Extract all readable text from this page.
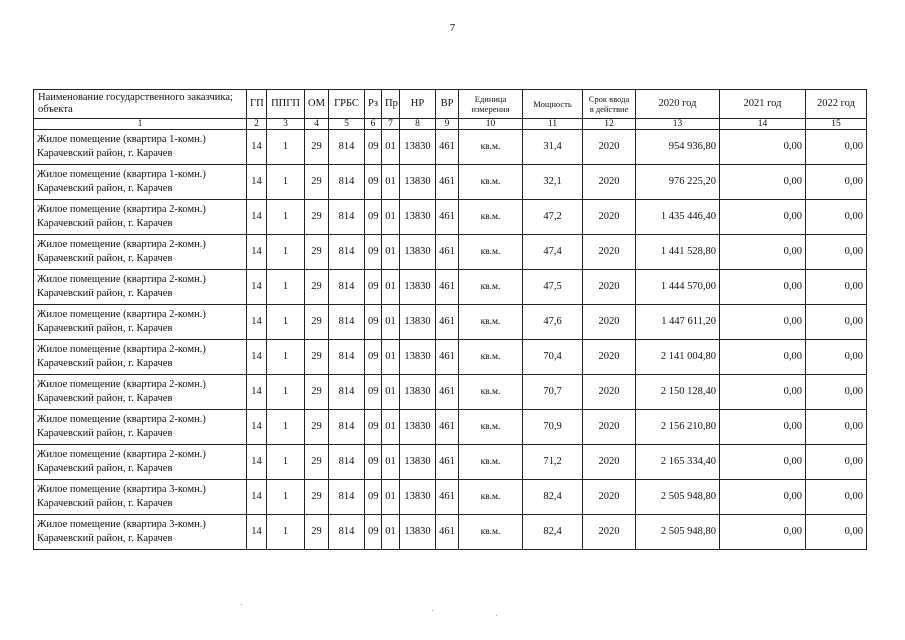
7
Наименование государственного заказчика; объекта	ГП	ППГП	ОМ	ГРБС	Рз	Пр	НР	ВР	Единица измерения	Мощность	Срок ввода в действие	2020 год	2021 год	2022 год
1	2	3	4	5	6	7	8	9	10	11	12	13	14	15

Жилое помещение (квартира 1-комн.)
Карачевский район, г. Карачев	14	1	29	814	09	01	13830	461	кв.м.	31,4	2020	954 936,80	0,00	0,00

Жилое помещение (квартира 1-комн.)
Карачевский район, г. Карачев	14	1	29	814	09	01	13830	461	кв.м.	32,1	2020	976 225,20	0,00	0,00

Жилое помещение (квартира 2-комн.)
Карачевский район, г. Карачев	14	1	29	814	09	01	13830	461	кв.м.	47,2	2020	1 435 446,40	0,00	0,00

Жилое помещение (квартира 2-комн.)
Карачевский район, г. Карачев	14	1	29	814	09	01	13830	461	кв.м.	47,4	2020	1 441 528,80	0,00	0,00

Жилое помещение (квартира 2-комн.)
Карачевский район, г. Карачев	14	1	29	814	09	01	13830	461	кв.м.	47,5	2020	1 444 570,00	0,00	0,00

Жилое помещение (квартира 2-комн.)
Карачевский район, г. Карачев	14	1	29	814	09	01	13830	461	кв.м.	47,6	2020	1 447 611,20	0,00	0,00

Жилое помещение (квартира 2-комн.)
Карачевский район, г. Карачев	14	1	29	814	09	01	13830	461	кв.м.	70,4	2020	2 141 004,80	0,00	0,00

Жилое помещение (квартира 2-комн.)
Карачевский район, г. Карачев	14	1	29	814	09	01	13830	461	кв.м.	70,7	2020	2 150 128,40	0,00	0,00

Жилое помещение (квартира 2-комн.)
Карачевский район, г. Карачев	14	1	29	814	09	01	13830	461	кв.м.	70,9	2020	2 156 210,80	0,00	0,00

Жилое помещение (квартира 2-комн.)
Карачевский район, г. Карачев	14	1	29	814	09	01	13830	461	кв.м.	71,2	2020	2 165 334,40	0,00	0,00

Жилое помещение (квартира 3-комн.)
Карачевский район, г. Карачев	14	1	29	814	09	01	13830	461	кв.м.	82,4	2020	2 505 948,80	0,00	0,00

Жилое помещение (квартира 3-комн.)
Карачевский район, г. Карачев	14	1	29	814	09	01	13830	461	кв.м.	82,4	2020	2 505 948,80	0,00	0,00
